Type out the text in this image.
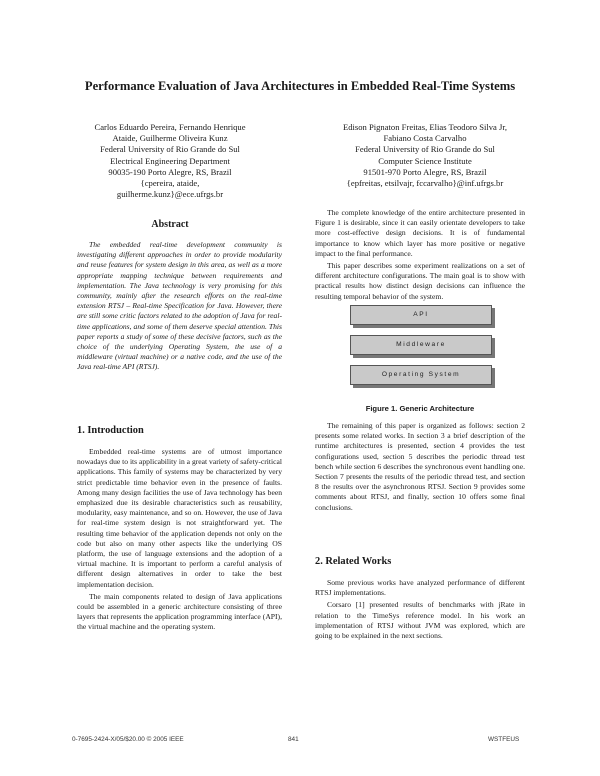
Performance Evaluation of Java Architectures in Embedded Real-Time Systems
Carlos Eduardo Pereira, Fernando Henrique
Ataide, Guilherme Oliveira Kunz
Federal University of Rio Grande do Sul
Electrical Engineering Department
90035-190 Porto Alegre, RS, Brazil
{cpereira, ataide,
guilherme.kunz}@ece.ufrgs.br
Edison Pignaton Freitas, Elias Teodoro Silva Jr,
Fabiano Costa Carvalho
Federal University of Rio Grande do Sul
Computer Science Institute
91501-970 Porto Alegre, RS, Brazil
{epfreitas, etsilvajr, fccarvalho}@inf.ufrgs.br
Abstract

The embedded real-time development community is investigating different approaches in order to provide modularity and reuse features for system design in this area, as well as a more appropriate mapping technique between requirements and implementation. The Java technology is very promising for this community, mainly after the research efforts on the real-time extension RTSJ – Real-time Specification for Java. However, there are still some critic factors related to the adoption of Java for real-time applications, and some of them deserve special attention. This paper reports a study of some of these decisive factors, such as the choice of the underlying Operating System, the use of a middleware (virtual machine) or a native code, and the use of the Java real-time API (RTSJ).

1. Introduction

Embedded real-time systems are of utmost importance nowadays due to its applicability in a great variety of safety-critical applications. This family of systems may be characterized by very strict predictable time behavior even in the presence of faults. Among many design facilities the use of Java technology has been emphasized due its desirable characteristics such as reusability, modularity, easy maintenance, and so on. However, the use of Java for real-time system design is not straightforward yet. The resulting time behavior of the application depends not only on the code but also on many other aspects like the underlying OS platform, the use of language extensions and the adoption of a virtual machine. It is important to perform a careful analysis of different design alternatives in order to take the best implementation decision.

The main components related to design of Java applications could be assembled in a generic architecture consisting of three layers that represents the application programming interface (API), the virtual machine and the operating system.

The complete knowledge of the entire architecture presented in Figure 1 is desirable, since it can easily orientate developers to take more cost-effective design decisions. It is of fundamental importance to know which layer has more positive or negative impact to the final performance.

This paper describes some experiment realizations on a set of different architecture configurations. The main goal is to show with practical results how distinct design decisions can influence the resulting temporal behavior of the system.

API
Middleware
Operating System
Figure 1. Generic Architecture

The remaining of this paper is organized as follows: section 2 presents some related works. In section 3 a brief description of the runtime architectures is presented, section 4 provides the test configurations used, section 5 describes the periodic thread test bench while section 6 describes the synchronous event handling one. Section 7 presents the results of the periodic thread test, and section 8 the results over the asynchronous RTSJ. Section 9 provides some comments about RTSJ, and finally, section 10 offers some final conclusions.

2. Related Works

Some previous works have analyzed performance of different RTSJ implementations.

Corsaro [1] presented results of benchmarks with jRate in relation to the TimeSys reference model. In his work an implementation of RTSJ without JVM was explored, which are going to be explained in the next sections.

0-7695-2424-X/05/$20.00 © 2005 IEEE	841	WSTFEUS
